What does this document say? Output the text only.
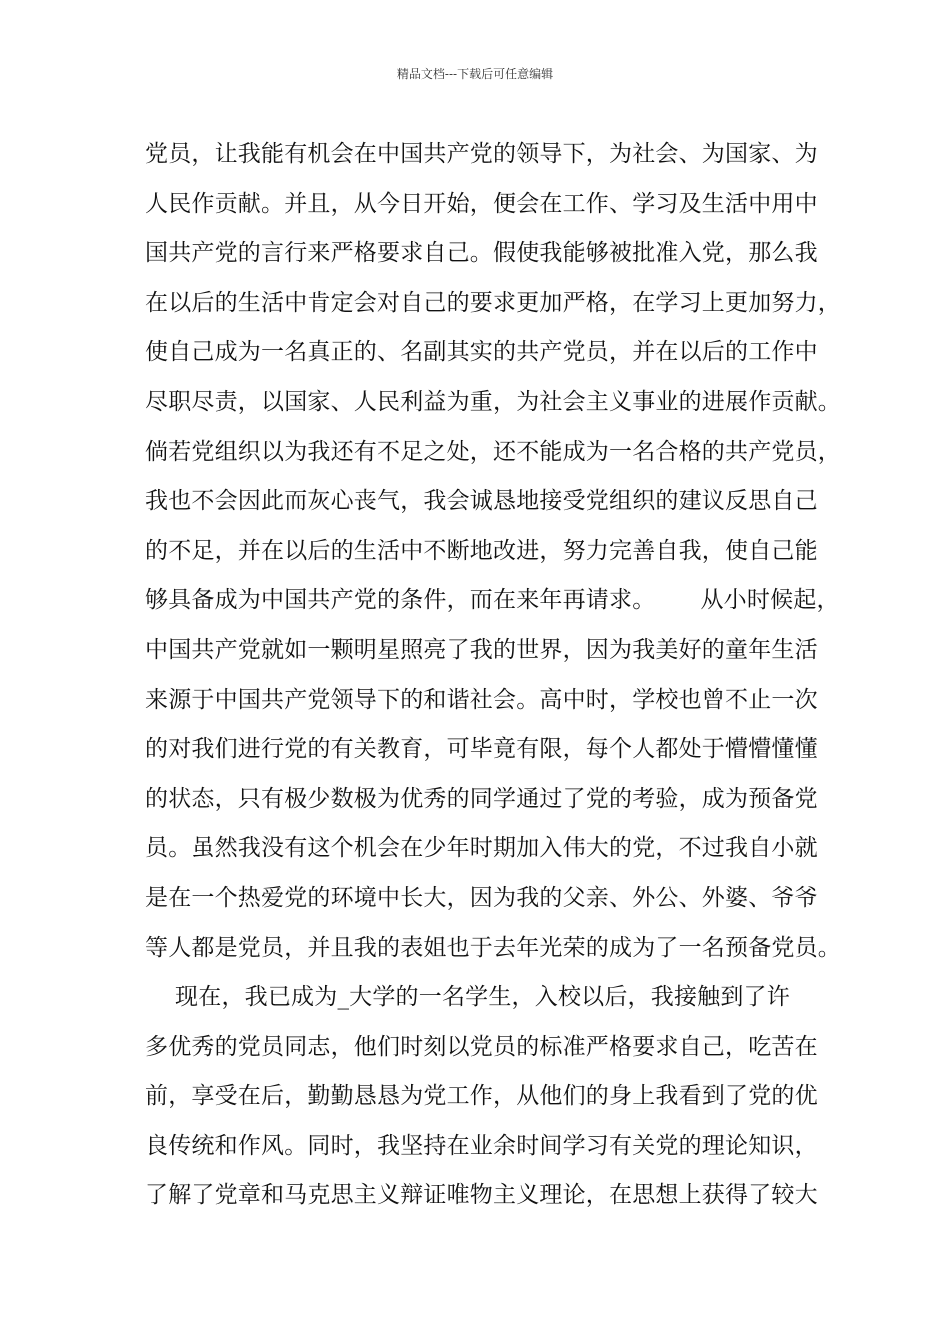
精品文档---下载后可任意编辑
党员，让我能有机会在中国共产党的领导下，为社会、为国家、为
人民作贡献。并且，从今日开始，便会在工作、学习及生活中用中
国共产党的言行来严格要求自己。假使我能够被批准入党，那么我
在以后的生活中肯定会对自己的要求更加严格，在学习上更加努力，
使自己成为一名真正的、名副其实的共产党员，并在以后的工作中
尽职尽责，以国家、人民利益为重，为社会主义事业的进展作贡献。
倘若党组织以为我还有不足之处，还不能成为一名合格的共产党员，
我也不会因此而灰心丧气，我会诚恳地接受党组织的建议反思自己
的不足，并在以后的生活中不断地改进，努力完善自我，使自己能
够具备成为中国共产党的条件，而在来年再请求。      从小时候起，
中国共产党就如一颗明星照亮了我的世界，因为我美好的童年生活
来源于中国共产党领导下的和谐社会。高中时，学校也曾不止一次
的对我们进行党的有关教育，可毕竟有限，每个人都处于懵懵懂懂
的状态，只有极少数极为优秀的同学通过了党的考验，成为预备党
员。虽然我没有这个机会在少年时期加入伟大的党，不过我自小就
是在一个热爱党的环境中长大，因为我的父亲、外公、外婆、爷爷
等人都是党员，并且我的表姐也于去年光荣的成为了一名预备党员。
现在，我已成为_大学的一名学生，入校以后，我接触到了许
多优秀的党员同志，他们时刻以党员的标准严格要求自己，吃苦在
前，享受在后，勤勤恳恳为党工作，从他们的身上我看到了党的优
良传统和作风。同时，我坚持在业余时间学习有关党的理论知识，
了解了党章和马克思主义辩证唯物主义理论，在思想上获得了较大
